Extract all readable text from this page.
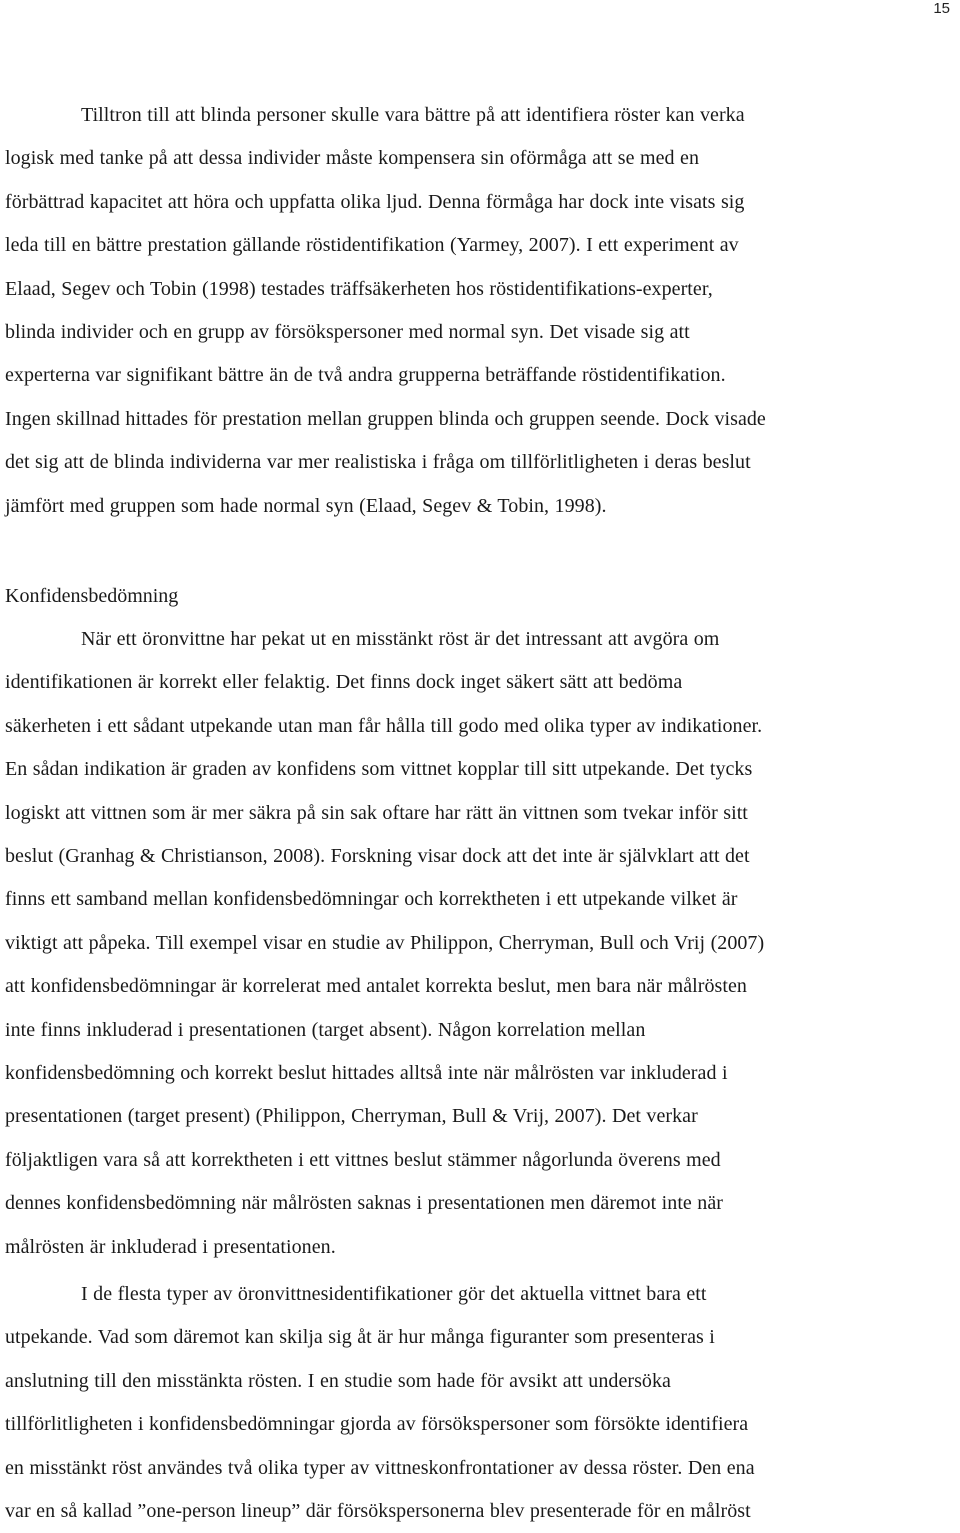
15
Tilltron till att blinda personer skulle vara bättre på att identifiera röster kan verka
logisk med tanke på att dessa individer måste kompensera sin oförmåga att se med en
förbättrad kapacitet att höra och uppfatta olika ljud. Denna förmåga har dock inte visats sig
leda till en bättre prestation gällande röstidentifikation (Yarmey, 2007). I ett experiment av
Elaad, Segev och Tobin (1998) testades träffsäkerheten hos röstidentifikations-experter,
blinda individer och en grupp av försökspersoner med normal syn. Det visade sig att
experterna var signifikant bättre än de två andra grupperna beträffande röstidentifikation.
Ingen skillnad hittades för prestation mellan gruppen blinda och gruppen seende. Dock visade
det sig att de blinda individerna var mer realistiska i fråga om tillförlitligheten i deras beslut
jämfört med gruppen som hade normal syn (Elaad, Segev & Tobin, 1998).
Konfidensbedömning
När ett öronvittne har pekat ut en misstänkt röst är det intressant att avgöra om
identifikationen är korrekt eller felaktig. Det finns dock inget säkert sätt att bedöma
säkerheten i ett sådant utpekande utan man får hålla till godo med olika typer av indikationer.
En sådan indikation är graden av konfidens som vittnet kopplar till sitt utpekande. Det tycks
logiskt att vittnen som är mer säkra på sin sak oftare har rätt än vittnen som tvekar inför sitt
beslut (Granhag & Christianson, 2008). Forskning visar dock att det inte är självklart att det
finns ett samband mellan konfidensbedömningar och korrektheten i ett utpekande vilket är
viktigt att påpeka. Till exempel visar en studie av Philippon, Cherryman, Bull och Vrij (2007)
att konfidensbedömningar är korrelerat med antalet korrekta beslut, men bara när målrösten
inte finns inkluderad i presentationen (target absent). Någon korrelation mellan
konfidensbedömning och korrekt beslut hittades alltså inte när målrösten var inkluderad i
presentationen (target present) (Philippon, Cherryman, Bull & Vrij, 2007). Det verkar
följaktligen vara så att korrektheten i ett vittnes beslut stämmer någorlunda överens med
dennes konfidensbedömning när målrösten saknas i presentationen men däremot inte när
målrösten är inkluderad i presentationen.
I de flesta typer av öronvittnesidentifikationer gör det aktuella vittnet bara ett
utpekande. Vad som däremot kan skilja sig åt är hur många figuranter som presenteras i
anslutning till den misstänkta rösten. I en studie som hade för avsikt att undersöka
tillförlitligheten i konfidensbedömningar gjorda av försökspersoner som försökte identifiera
en misstänkt röst användes två olika typer av vittneskonfrontationer av dessa röster. Den ena
var en så kallad ”one-person lineup” där försökspersonerna blev presenterade för en målröst
